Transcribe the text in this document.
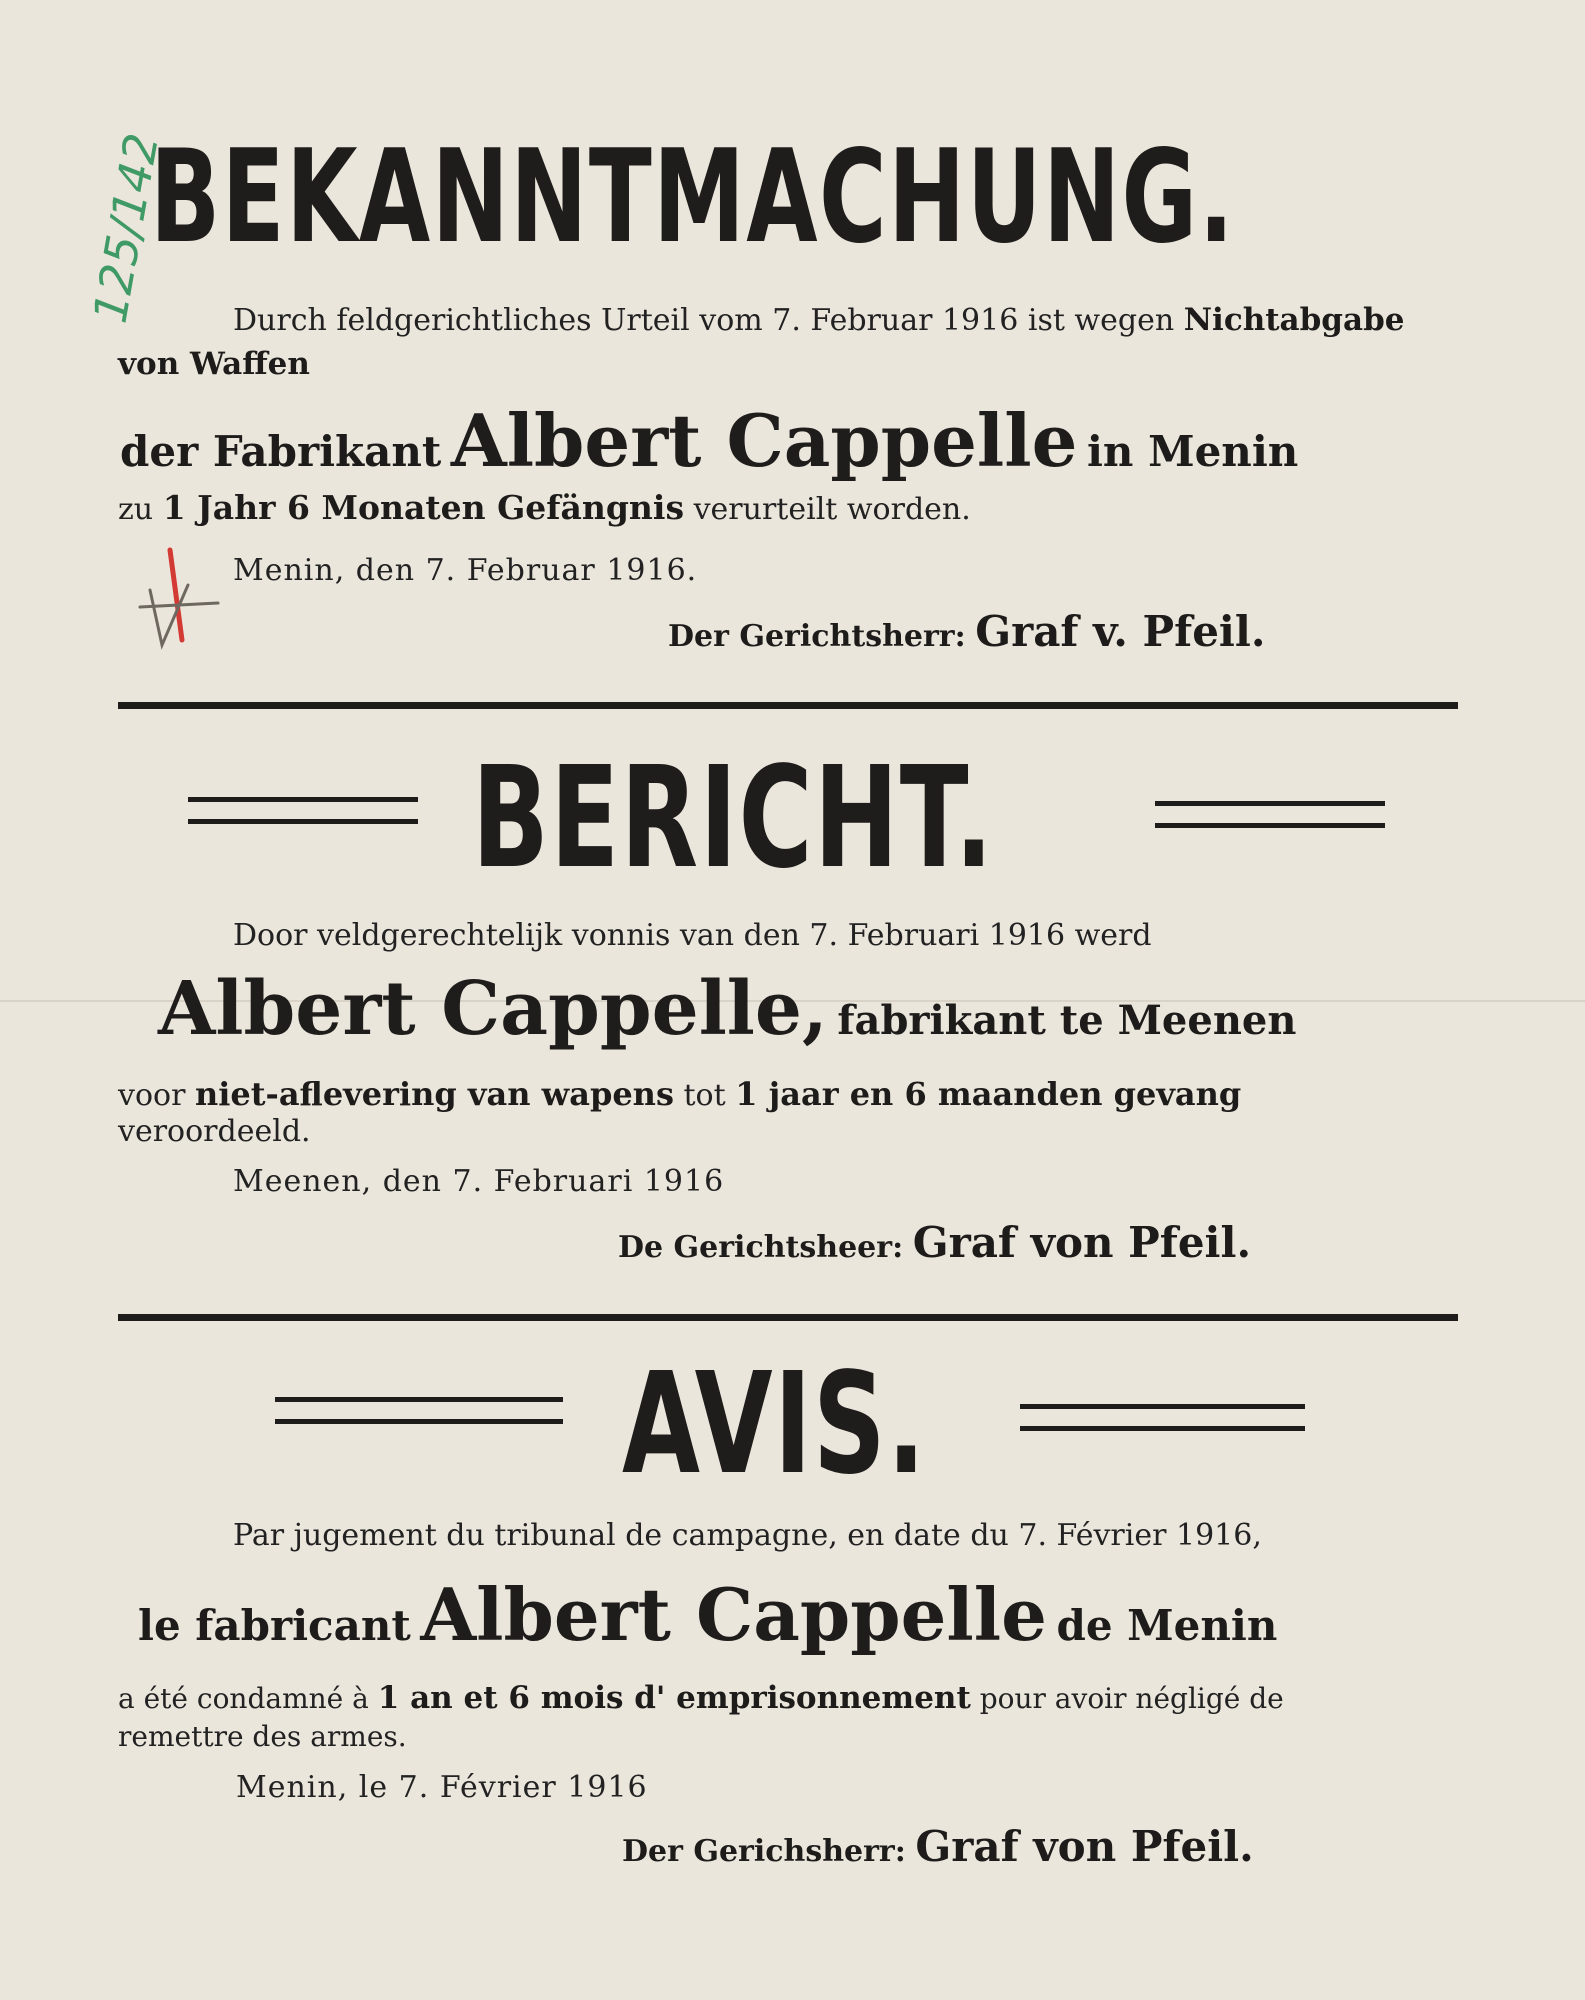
125/142
BEKANNTMACHUNG.
Durch feldgerichtliches Urteil vom 7. Februar 1916 ist wegen Nichtabgabe
von Waffen
der Fabrikant Albert Cappelle in Menin
zu 1 Jahr 6 Monaten Gefängnis verurteilt worden.
Menin, den 7. Februar 1916.
Der Gerichtsherr: Graf v. Pfeil.
BERICHT.
Door veldgerechtelijk vonnis van den 7. Februari 1916 werd
Albert Cappelle, fabrikant te Meenen
voor niet-aflevering van wapens tot 1 jaar en 6 maanden gevang
veroordeeld.
Meenen, den 7. Februari 1916
De Gerichtsheer: Graf von Pfeil.
AVIS.
Par jugement du tribunal de campagne, en date du 7. Février 1916,
le fabricant Albert Cappelle de Menin
a été condamné à 1 an et 6 mois d' emprisonnement pour avoir négligé de
remettre des armes.
Menin, le 7. Février 1916
Der Gerichsherr: Graf von Pfeil.
